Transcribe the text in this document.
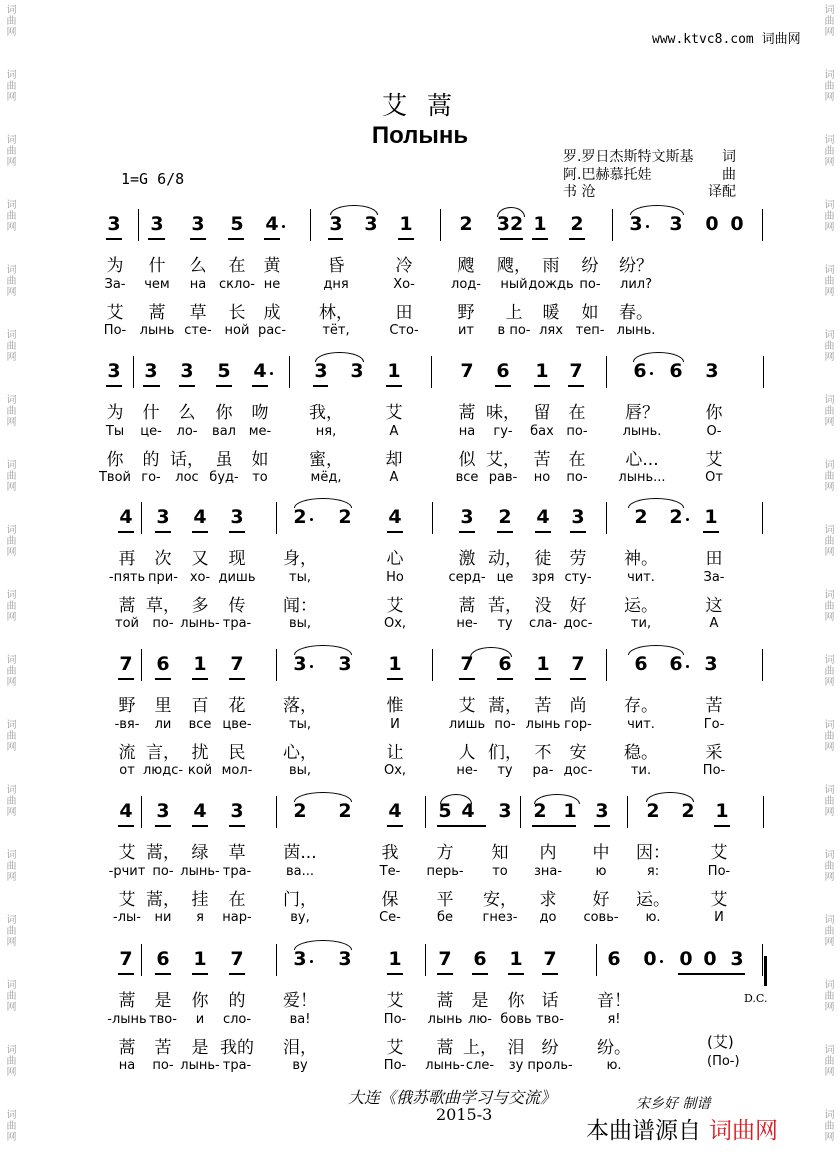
词曲网
词曲网
词曲网
词曲网
词曲网
词曲网
词曲网
词曲网
词曲网
词曲网
词曲网
词曲网
词曲网
词曲网
词曲网
词曲网
词曲网
词曲网
词曲网
词曲网
词曲网
词曲网
词曲网
词曲网
词曲网
词曲网
词曲网
词曲网
词曲网
词曲网
词曲网
词曲网
词曲网
词曲网
词曲网
词曲网
www.ktvc8.com 词曲网
艾 蒿
Полынь
1=G 6/8
罗.罗日杰斯特文斯基	词
阿.巴赫慕托娃	曲
书 沧	译配
3 3 3 5 4	3 3 1 2 32 1 2 3 3 0 0
为 什 么 在 黄	昏	冷	飕 飕， 雨 纷 纷？
За- чем на скло- не	дня	Хо-	лод- ный дождь по- лил?
艾 蒿 草 长 成 林，	田	野 上 暖 如 春。
По- лынь сте- ной рас-	тёт,	Сто-	ит в по- лях теп- лынь.
3 3 3 5 4	3 3 1	7 6 1 7	6 6 3
为 什 么 你 吻 我，	艾	蒿 味， 留 在 唇？	你
Ты це- ло- вал ме-	ня,	А	на гу- бах по-	лынь.	О-
你 的 话， 虽 如 蜜，	却	似 艾， 苦 在 心...	艾
Твой го- лос буд- то	мёд,	А	все рав- но по- лынь...	От
4 3 4 3	2 2 4	3 2 4 3	2 2 1
再 次 又 现 身，	心	激 动， 徒 劳 神。	田
-пять при- хо- дишь	ты,	Но	серд- це зря сту-	чит.	За-
蒿 草， 多 传 闻：	艾	蒿 苦， 没 好 运。	这
той по- лынь- тра-	вы,	Ох,	не- ту сла- дос-	ти,	А
7 6 1 7	3 3 1	7 6 1 7	6 6 3
野 里 百 花 落，	惟	艾 蒿， 苦 尚 存。	苦
-вя- ли все цве-	ты,	И	лишь по- лынь гор-	чит.	Го-
流 言， 扰 民 心，	让	人 们， 不 安 稳。	采
от людс- кой мол-	вы,	Ох,	не- ту ра- дос-	ти.	По-
4 3 4 3	2 2 4 5 4 3 2 1 3 2 2 1
艾 蒿， 绿 草 茵...	我 方 知 内 中 因： 艾
-рчит по- лынь- тра-	ва...	Те- перь- то зна-	ю	я:	По-
艾 蒿， 挂 在 门，	保 平 安， 求 好 运。 艾
-лы- ни я нар-	ву,	Се-	бе гнез- до совь- ю.	И
7 6 1 7	3 3 1 7 6 1 7	6 0 0 0 3
蒿 是 你 的 爱！	艾 蒿 是 你 话 音！
-лынь тво- и сло-	ва!	По- лынь лю- бовь тво-	я!
蒿 苦 是 我的 泪，	艾 蒿 上， 泪 纷 纷。
на по- лынь- тра-	ву	По- лынь- сле- зу проль-	ю.
D.C.
(艾)
(По-)
大连《俄苏歌曲学习与交流》
2015-3
宋乡好 制谱
本曲谱源自 词曲网
